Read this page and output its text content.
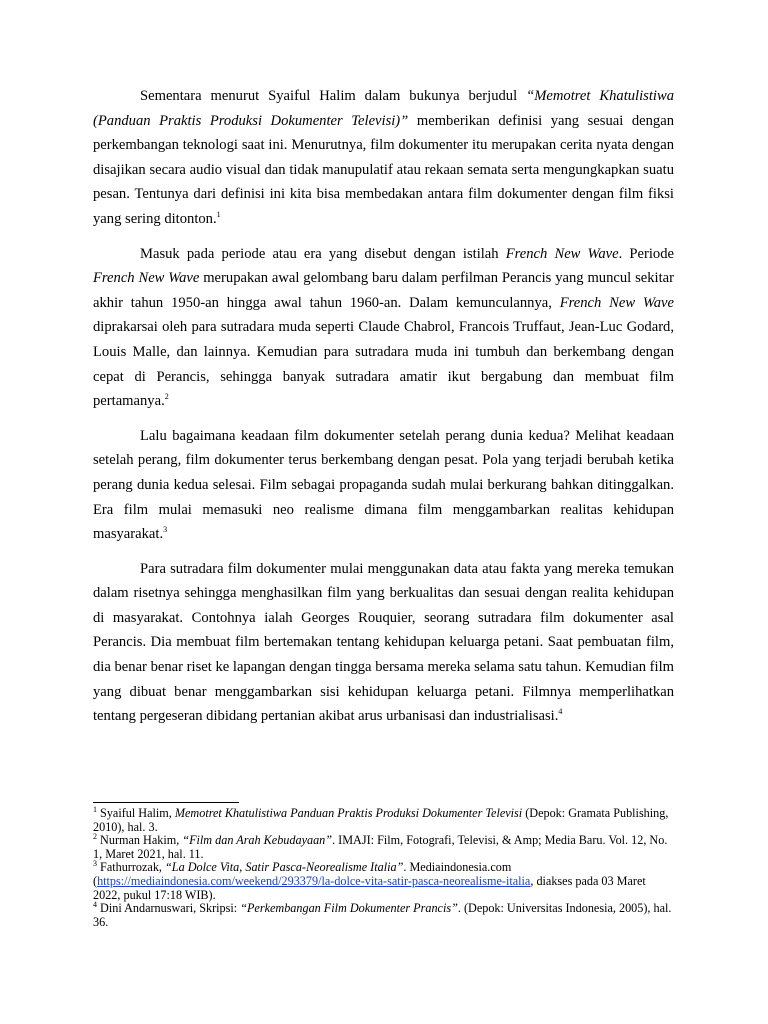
Sementara menurut Syaiful Halim dalam bukunya berjudul “Memotret Khatulistiwa (Panduan Praktis Produksi Dokumenter Televisi)” memberikan definisi yang sesuai dengan perkembangan teknologi saat ini. Menurutnya, film dokumenter itu merupakan cerita nyata dengan disajikan secara audio visual dan tidak manupulatif atau rekaan semata serta mengungkapkan suatu pesan. Tentunya dari definisi ini kita bisa membedakan antara film dokumenter dengan film fiksi yang sering ditonton.$^1$

Masuk pada periode atau era yang disebut dengan istilah French New Wave. Periode French New Wave merupakan awal gelombang baru dalam perfilman Perancis yang muncul sekitar akhir tahun 1950-an hingga awal tahun 1960-an. Dalam kemunculannya, French New Wave diprakarsai oleh para sutradara muda seperti Claude Chabrol, Francois Truffaut, Jean-Luc Godard, Louis Malle, dan lainnya. Kemudian para sutradara muda ini tumbuh dan berkembang dengan cepat di Perancis, sehingga banyak sutradara amatir ikut bergabung dan membuat film pertamanya.$^2$

Lalu bagaimana keadaan film dokumenter setelah perang dunia kedua? Melihat keadaan setelah perang, film dokumenter terus berkembang dengan pesat. Pola yang terjadi berubah ketika perang dunia kedua selesai. Film sebagai propaganda sudah mulai berkurang bahkan ditinggalkan. Era film mulai memasuki neo realisme dimana film menggambarkan realitas kehidupan masyarakat.$^3$

Para sutradara film dokumenter mulai menggunakan data atau fakta yang mereka temukan dalam risetnya sehingga menghasilkan film yang berkualitas dan sesuai dengan realita kehidupan di masyarakat. Contohnya ialah Georges Rouquier, seorang sutradara film dokumenter asal Perancis. Dia membuat film bertemakan tentang kehidupan keluarga petani. Saat pembuatan film, dia benar benar riset ke lapangan dengan tingga bersama mereka selama satu tahun. Kemudian film yang dibuat benar menggambarkan sisi kehidupan keluarga petani. Filmnya memperlihatkan tentang pergeseran dibidang pertanian akibat arus urbanisasi dan industrialisasi.$^4$

$^1$ Syaiful Halim, Memotret Khatulistiwa Panduan Praktis Produksi Dokumenter Televisi (Depok: Gramata Publishing, 2010), hal. 3.

$^2$ Nurman Hakim, “Film dan Arah Kebudayaan”. IMAJI: Film, Fotografi, Televisi, & Amp; Media Baru. Vol. 12, No. 1, Maret 2021, hal. 11.

$^3$ Fathurrozak, “La Dolce Vita, Satir Pasca-Neorealisme Italia”. Mediaindonesia.com (https://mediaindonesia.com/weekend/293379/la-dolce-vita-satir-pasca-neorealisme-italia, diakses pada 03 Maret 2022, pukul 17:18 WIB).

$^4$ Dini Andarnuswari, Skripsi: “Perkembangan Film Dokumenter Prancis”. (Depok: Universitas Indonesia, 2005), hal. 36.
